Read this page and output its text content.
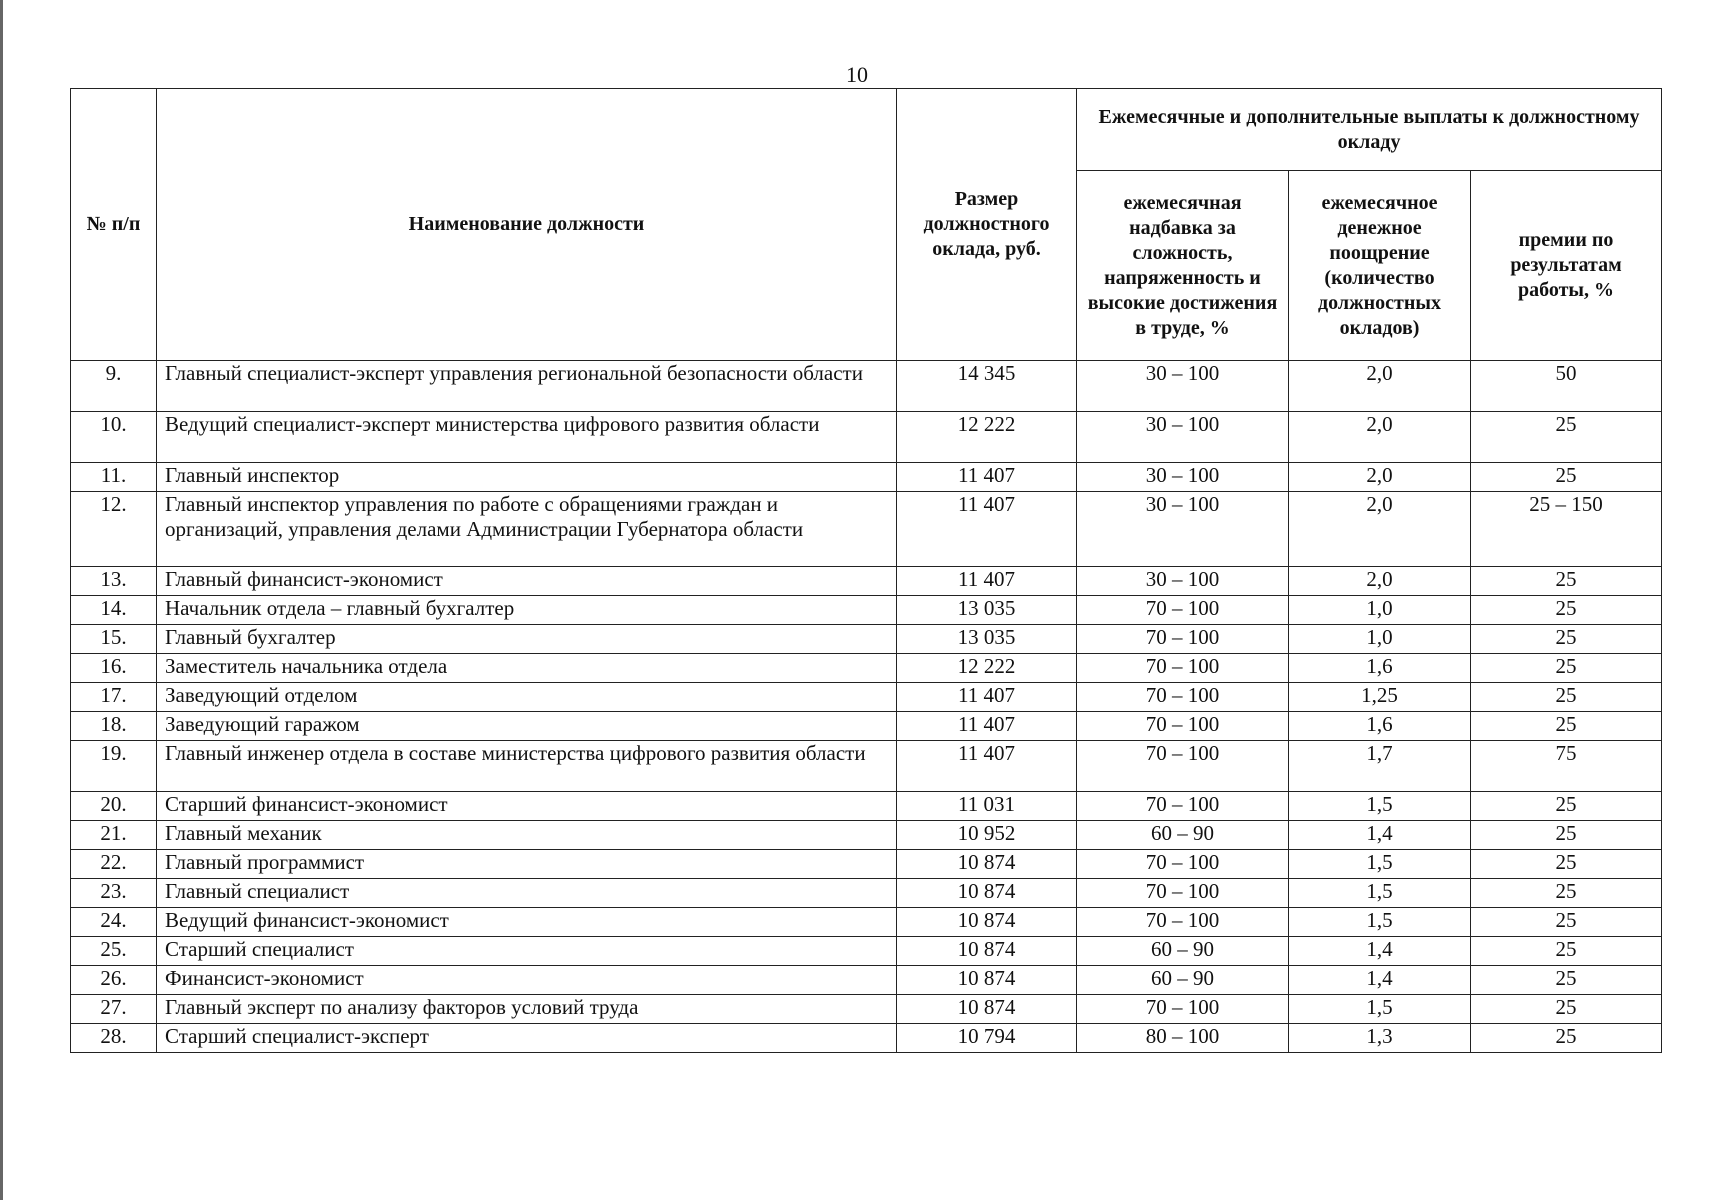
10
№ п/п	Наименование должности	Размер должностного оклада, руб.	Ежемесячные и дополнительные выплаты к должностному окладу		
			ежемесячная надбавка за сложность, напряженность и высокие достижения в труде, %	ежемесячное денежное поощрение (количество должностных окладов)	премии по результатам работы, %
9.	Главный специалист-эксперт управления региональной безопасности области	14 345	30 – 100	2,0	50
10.	Ведущий специалист-эксперт министерства цифрового развития области	12 222	30 – 100	2,0	25
11.	Главный инспектор	11 407	30 – 100	2,0	25
12.	Главный инспектор управления по работе с обращениями граждан и организаций, управления делами Администрации Губернатора области	11 407	30 – 100	2,0	25 – 150
13.	Главный финансист-экономист	11 407	30 – 100	2,0	25
14.	Начальник отдела – главный бухгалтер	13 035	70 – 100	1,0	25
15.	Главный бухгалтер	13 035	70 – 100	1,0	25
16.	Заместитель начальника отдела	12 222	70 – 100	1,6	25
17.	Заведующий отделом	11 407	70 – 100	1,25	25
18.	Заведующий гаражом	11 407	70 – 100	1,6	25
19.	Главный инженер отдела в составе министерства цифрового развития области	11 407	70 – 100	1,7	75
20.	Старший финансист-экономист	11 031	70 – 100	1,5	25
21.	Главный механик	10 952	60 – 90	1,4	25
22.	Главный программист	10 874	70 – 100	1,5	25
23.	Главный специалист	10 874	70 – 100	1,5	25
24.	Ведущий финансист-экономист	10 874	70 – 100	1,5	25
25.	Старший специалист	10 874	60 – 90	1,4	25
26.	Финансист-экономист	10 874	60 – 90	1,4	25
27.	Главный эксперт по анализу факторов условий труда	10 874	70 – 100	1,5	25
28.	Старший специалист-эксперт	10 794	80 – 100	1,3	25
